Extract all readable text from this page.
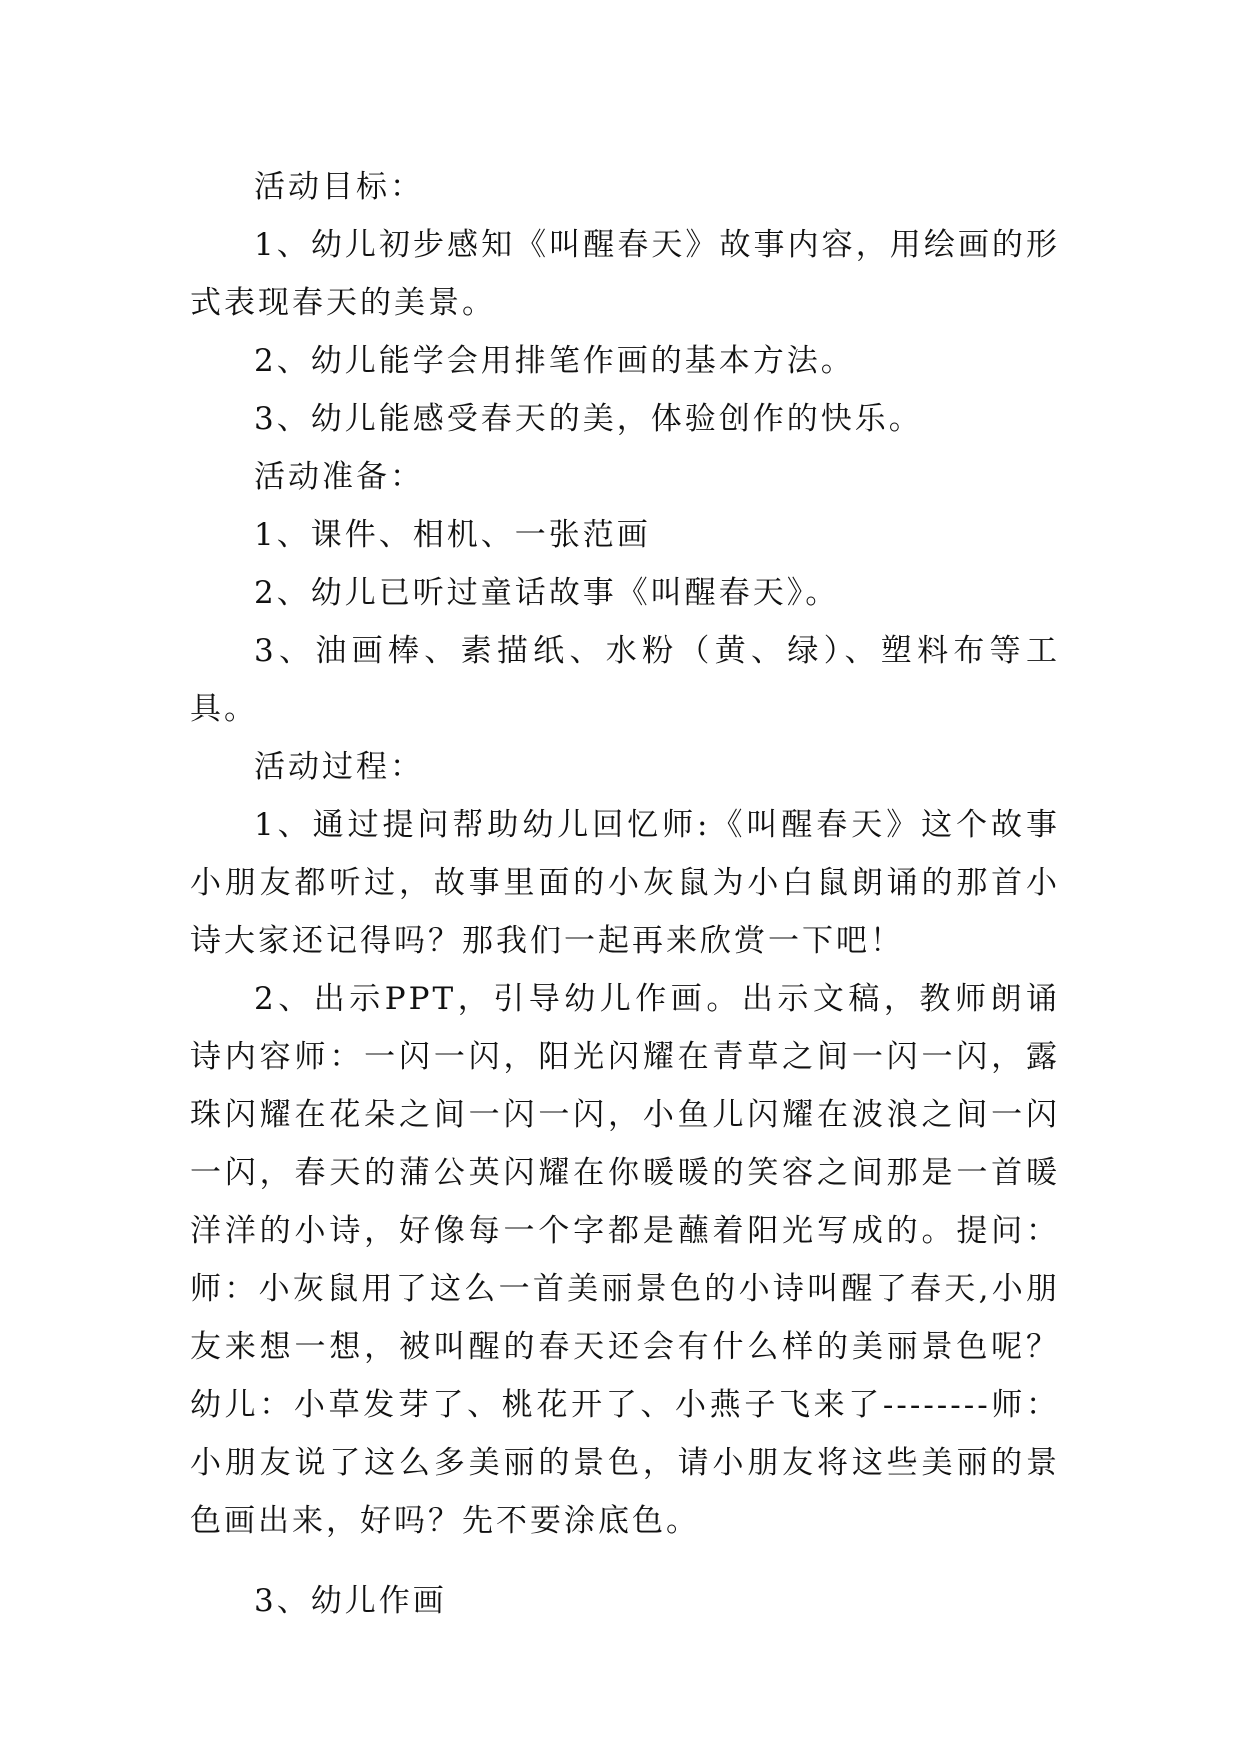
活动目标：

1、幼儿初步感知《叫醒春天》故事内容，用绘画的形式表现春天的美景。

2、幼儿能学会用排笔作画的基本方法。

3、幼儿能感受春天的美，体验创作的快乐。

活动准备：

1、课件、相机、一张范画

2、幼儿已听过童话故事《叫醒春天》。

3、油画棒、素描纸、水粉（黄、绿）、塑料布等工具。

活动过程：

1、通过提问帮助幼儿回忆师:《叫醒春天》这个故事小朋友都听过，故事里面的小灰鼠为小白鼠朗诵的那首小诗大家还记得吗？那我们一起再来欣赏一下吧！

2、出示PPT，引导幼儿作画。出示文稿，教师朗诵诗内容师：一闪一闪，阳光闪耀在青草之间一闪一闪，露珠闪耀在花朵之间一闪一闪，小鱼儿闪耀在波浪之间一闪一闪，春天的蒲公英闪耀在你暖暖的笑容之间那是一首暖洋洋的小诗，好像每一个字都是蘸着阳光写成的。提问：师：小灰鼠用了这么一首美丽景色的小诗叫醒了春天,小朋友来想一想，被叫醒的春天还会有什么样的美丽景色呢？幼儿：小草发芽了、桃花开了、小燕子飞来了--------师：小朋友说了这么多美丽的景色，请小朋友将这些美丽的景色画出来，好吗？先不要涂底色。

3、幼儿作画
